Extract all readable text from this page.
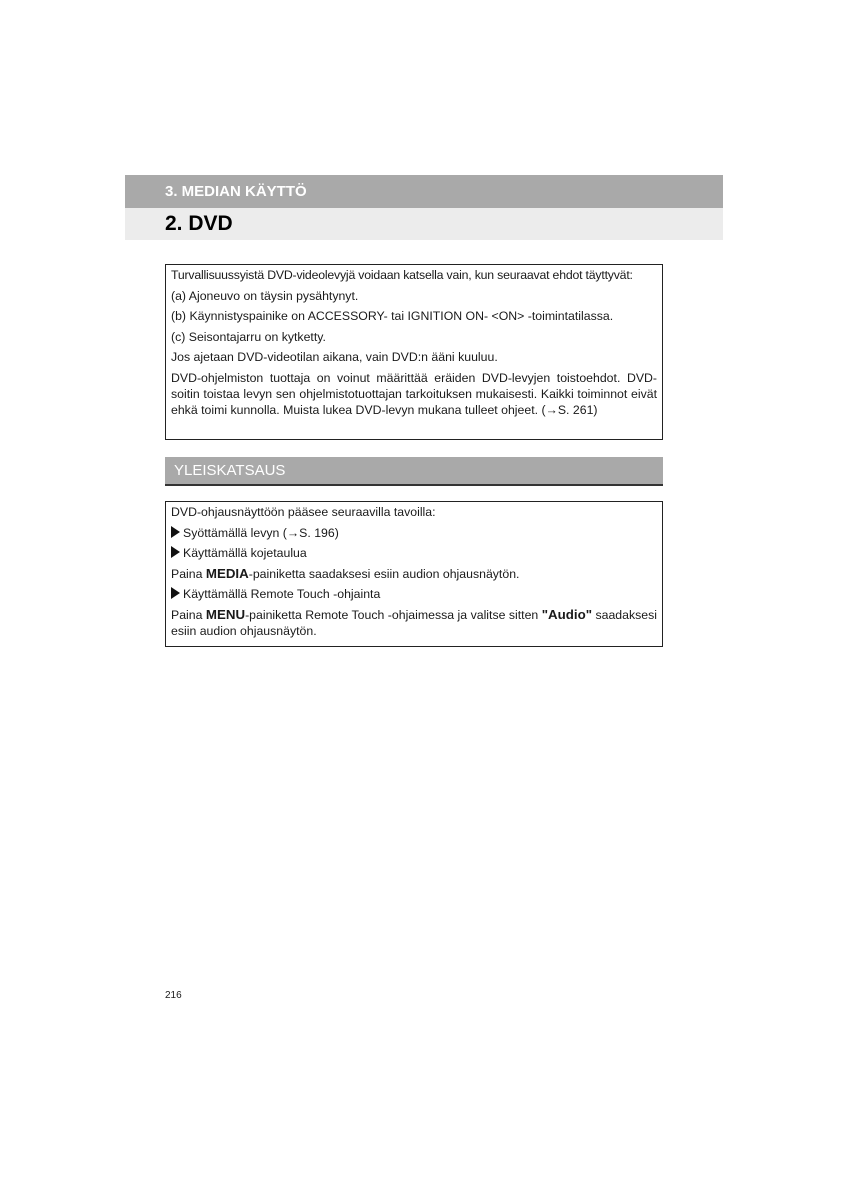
3. MEDIAN KÄYTTÖ
2. DVD

Turvallisuussyistä DVD-videolevyjä voidaan katsella vain, kun seuraavat ehdot täyttyvät:

(a) Ajoneuvo on täysin pysähtynyt.

(b) Käynnistyspainike on ACCESSORY- tai IGNITION ON- <ON> -toimintatilassa.

(c) Seisontajarru on kytketty.

Jos ajetaan DVD-videotilan aikana, vain DVD:n ääni kuuluu.

DVD-ohjelmiston tuottaja on voinut määrittää eräiden DVD-levyjen toistoehdot. DVD-soitin toistaa levyn sen ohjelmistotuottajan tarkoituksen mukaisesti. Kaikki toiminnot eivät ehkä toimi kunnolla. Muista lukea DVD-levyn mukana tulleet ohjeet. (→S. 261)

YLEISKATSAUS

DVD-ohjausnäyttöön pääsee seuraavilla tavoilla:

Syöttämällä levyn (→S. 196)

Käyttämällä kojetaulua

Paina MEDIA-painiketta saadaksesi esiin audion ohjausnäytön.

Käyttämällä Remote Touch -ohjainta

Paina MENU-painiketta Remote Touch -ohjaimessa ja valitse sitten "Audio" saadaksesi esiin audion ohjausnäytön.

216
